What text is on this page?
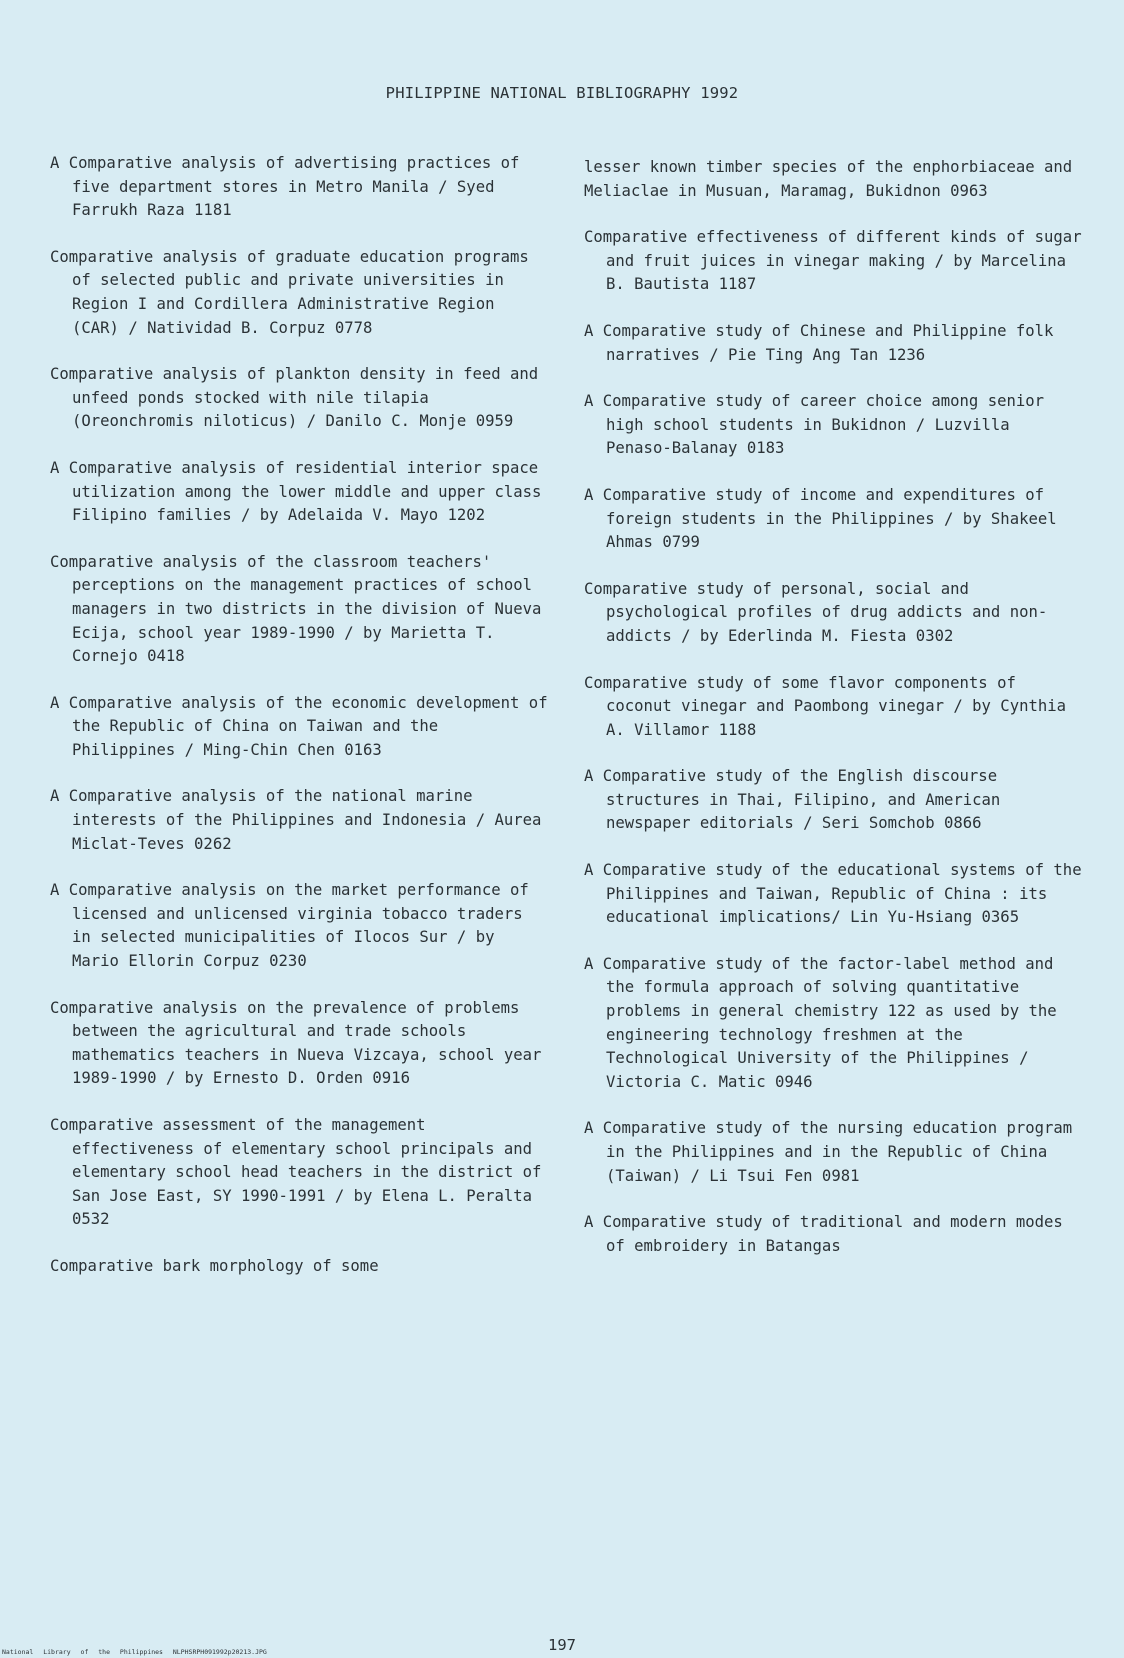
PHILIPPINE NATIONAL BIBLIOGRAPHY 1992
A Comparative analysis of advertising practices of five department stores in Metro Manila / Syed Farrukh Raza 1181
Comparative analysis of graduate education programs of selected public and private universities in Region I and Cordillera Administrative Region (CAR) / Natividad B. Corpuz 0778
Comparative analysis of plankton density in feed and unfeed ponds stocked with nile tilapia (Oreonchromis niloticus) / Danilo C. Monje 0959
A Comparative analysis of residential interior space utilization among the lower middle and upper class Filipino families / by Adelaida V. Mayo 1202
Comparative analysis of the classroom teachers' perceptions on the management practices of school managers in two districts in the division of Nueva Ecija, school year 1989-1990 / by Marietta T. Cornejo 0418
A Comparative analysis of the economic development of the Republic of China on Taiwan and the Philippines / Ming-Chin Chen 0163
A Comparative analysis of the national marine interests of the Philippines and Indonesia / Aurea Miclat-Teves 0262
A Comparative analysis on the market performance of licensed and unlicensed virginia tobacco traders in selected municipalities of Ilocos Sur / by Mario Ellorin Corpuz 0230
Comparative analysis on the prevalence of problems between the agricultural and trade schools mathematics teachers in Nueva Vizcaya, school year 1989-1990 / by Ernesto D. Orden 0916
Comparative assessment of the management effectiveness of elementary school principals and elementary school head teachers in the district of San Jose East, SY 1990-1991 / by Elena L. Peralta 0532
Comparative bark morphology of some
lesser known timber species of the enphorbiaceae and Meliaclae in Musuan, Maramag, Bukidnon 0963
Comparative effectiveness of different kinds of sugar and fruit juices in vinegar making / by Marcelina B. Bautista 1187
A Comparative study of Chinese and Philippine folk narratives / Pie Ting Ang Tan 1236
A Comparative study of career choice among senior high school students in Bukidnon / Luzvilla Penaso-Balanay 0183
A Comparative study of income and expenditures of foreign students in the Philippines / by Shakeel Ahmas 0799
Comparative study of personal, social and psychological profiles of drug addicts and non-addicts / by Ederlinda M. Fiesta 0302
Comparative study of some flavor components of coconut vinegar and Paombong vinegar / by Cynthia A. Villamor 1188
A Comparative study of the English discourse structures in Thai, Filipino, and American newspaper editorials / Seri Somchob 0866
A Comparative study of the educational systems of the Philippines and Taiwan, Republic of China : its educational implications/ Lin Yu-Hsiang 0365
A Comparative study of the factor-label method and the formula approach of solving quantitative problems in general chemistry 122 as used by the engineering technology freshmen at the Technological University of the Philippines / Victoria C. Matic 0946
A Comparative study of the nursing education program in the Philippines and in the Republic of China (Taiwan) / Li Tsui Fen 0981
A Comparative study of traditional and modern modes of embroidery in Batangas
197
National Library of the Philippines NLPHSRPH091992p20213.JPG
